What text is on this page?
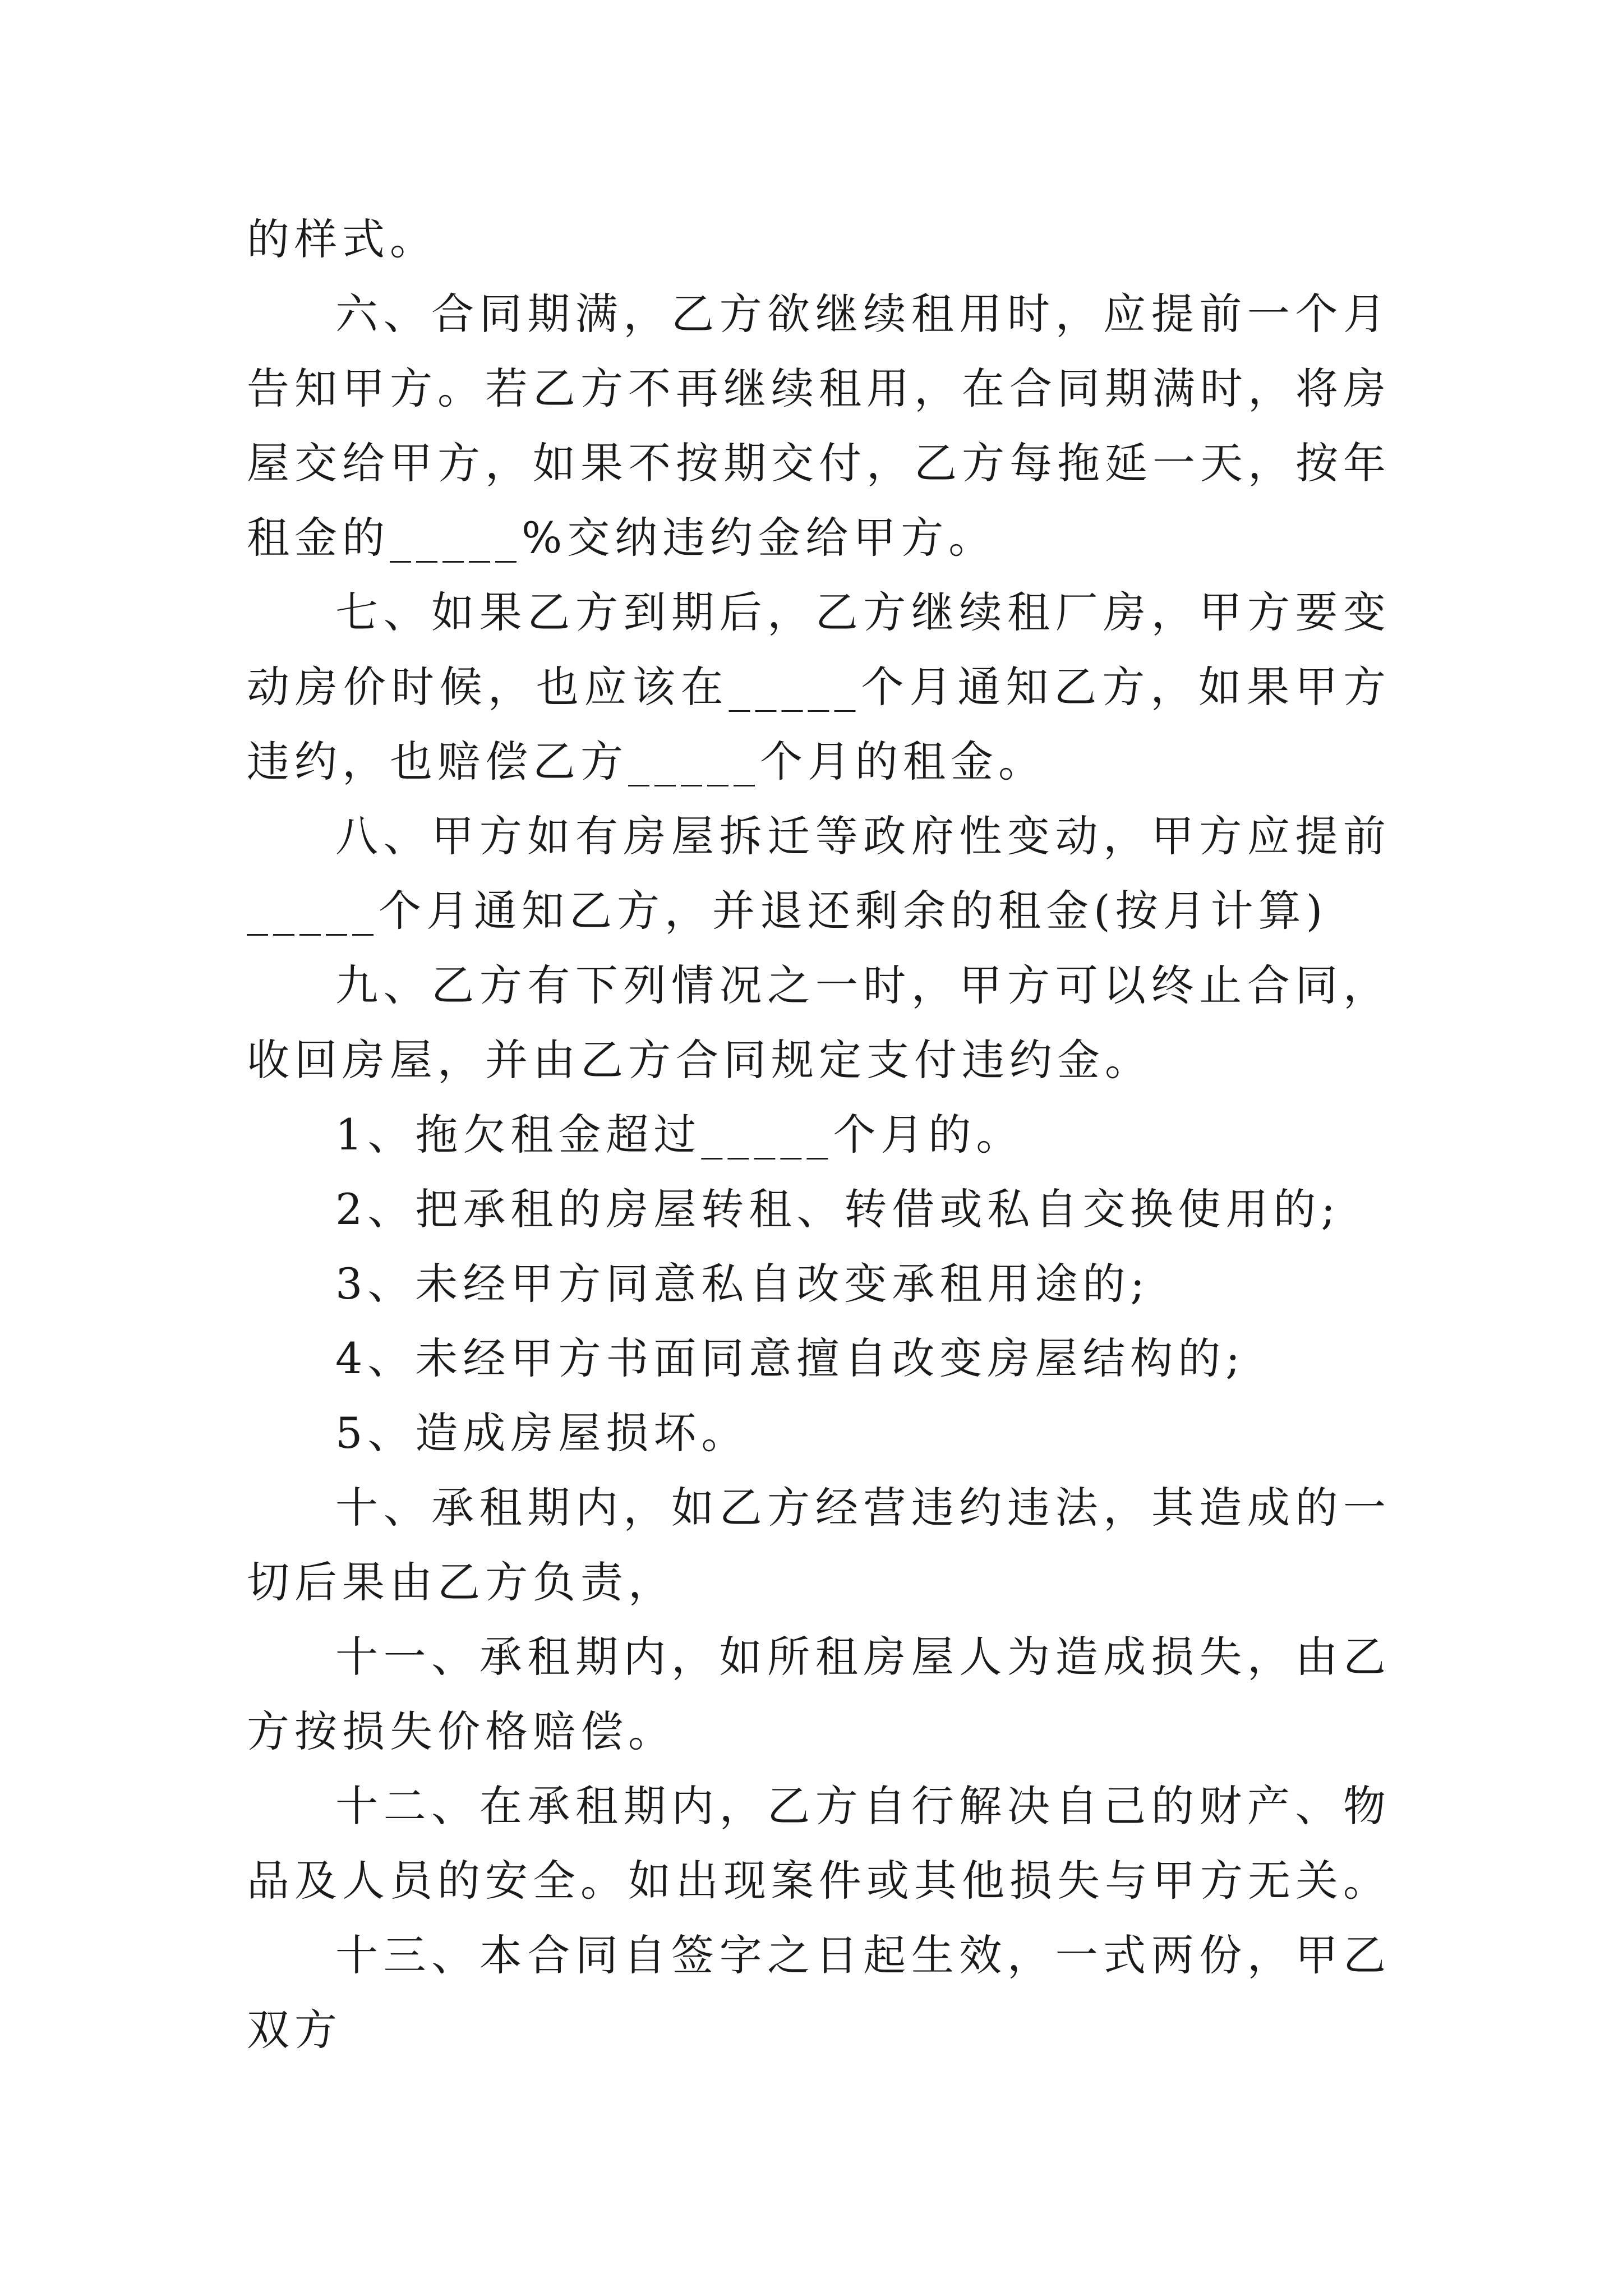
的样式。

六、合同期满，乙方欲继续租用时，应提前一个月告知甲方。若乙方不再继续租用，在合同期满时，将房屋交给甲方，如果不按期交付，乙方每拖延一天，按年租金的_____%交纳违约金给甲方。

七、如果乙方到期后，乙方继续租厂房，甲方要变动房价时候，也应该在_____个月通知乙方，如果甲方违约，也赔偿乙方_____个月的租金。

八、甲方如有房屋拆迁等政府性变动，甲方应提前_____个月通知乙方，并退还剩余的租金(按月计算)

九、乙方有下列情况之一时，甲方可以终止合同，收回房屋，并由乙方合同规定支付违约金。

1、拖欠租金超过_____个月的。

2、把承租的房屋转租、转借或私自交换使用的;

3、未经甲方同意私自改变承租用途的;

4、未经甲方书面同意擅自改变房屋结构的;

5、造成房屋损坏。

十、承租期内，如乙方经营违约违法，其造成的一切后果由乙方负责，

十一、承租期内，如所租房屋人为造成损失，由乙方按损失价格赔偿。

十二、在承租期内，乙方自行解决自己的财产、物品及人员的安全。如出现案件或其他损失与甲方无关。

十三、本合同自签字之日起生效，一式两份，甲乙双方
